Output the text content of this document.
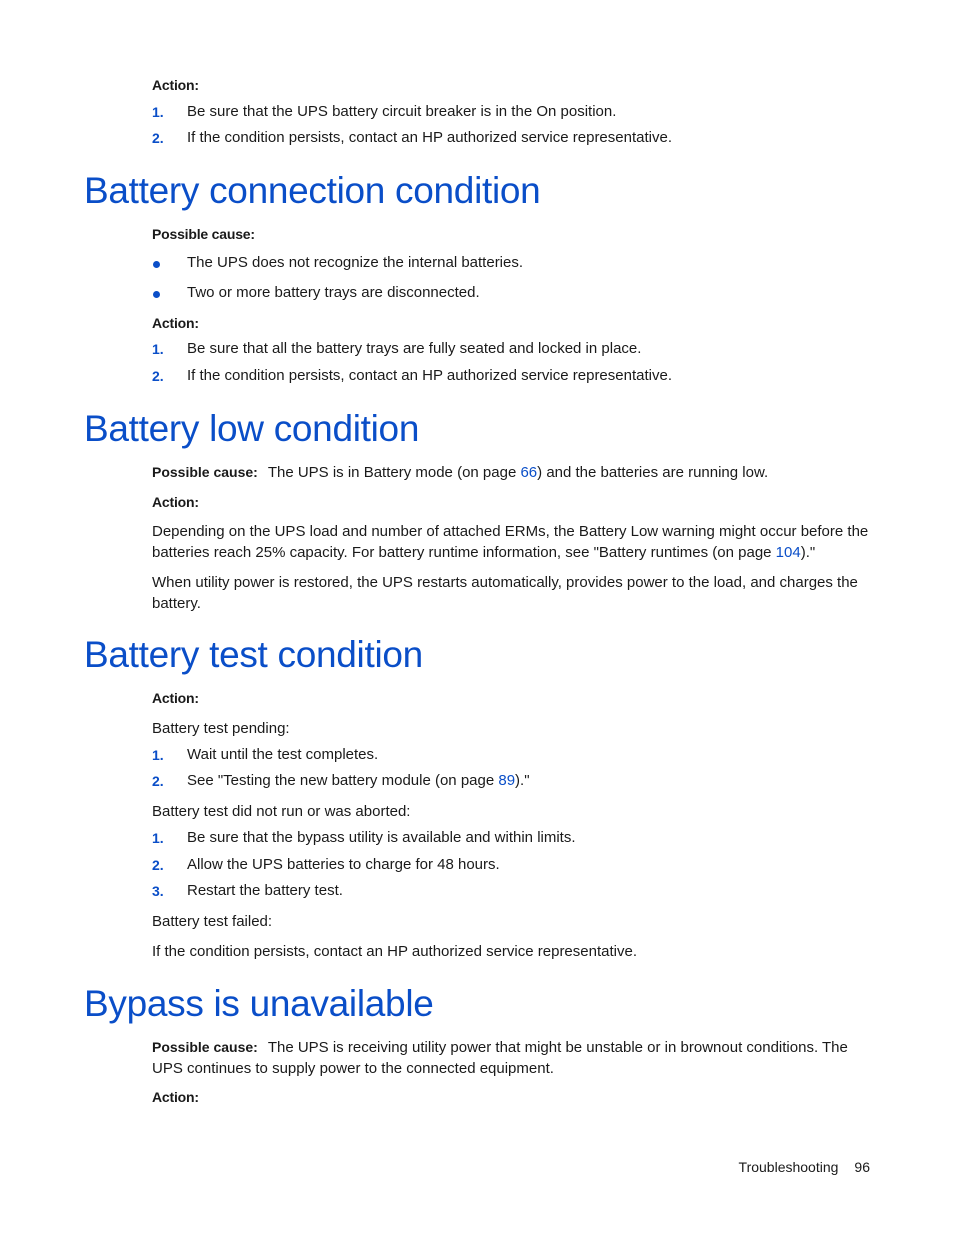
Action:
1. Be sure that the UPS battery circuit breaker is in the On position.
2. If the condition persists, contact an HP authorized service representative.
Battery connection condition
Possible cause:
The UPS does not recognize the internal batteries.
Two or more battery trays are disconnected.
Action:
1. Be sure that all the battery trays are fully seated and locked in place.
2. If the condition persists, contact an HP authorized service representative.
Battery low condition
Possible cause: The UPS is in Battery mode (on page 66) and the batteries are running low.
Action:
Depending on the UPS load and number of attached ERMs, the Battery Low warning might occur before the batteries reach 25% capacity. For battery runtime information, see "Battery runtimes (on page 104)."
When utility power is restored, the UPS restarts automatically, provides power to the load, and charges the battery.
Battery test condition
Action:
Battery test pending:
1. Wait until the test completes.
2. See "Testing the new battery module (on page 89)."
Battery test did not run or was aborted:
1. Be sure that the bypass utility is available and within limits.
2. Allow the UPS batteries to charge for 48 hours.
3. Restart the battery test.
Battery test failed:
If the condition persists, contact an HP authorized service representative.
Bypass is unavailable
Possible cause: The UPS is receiving utility power that might be unstable or in brownout conditions. The UPS continues to supply power to the connected equipment.
Action:
Troubleshooting 96
